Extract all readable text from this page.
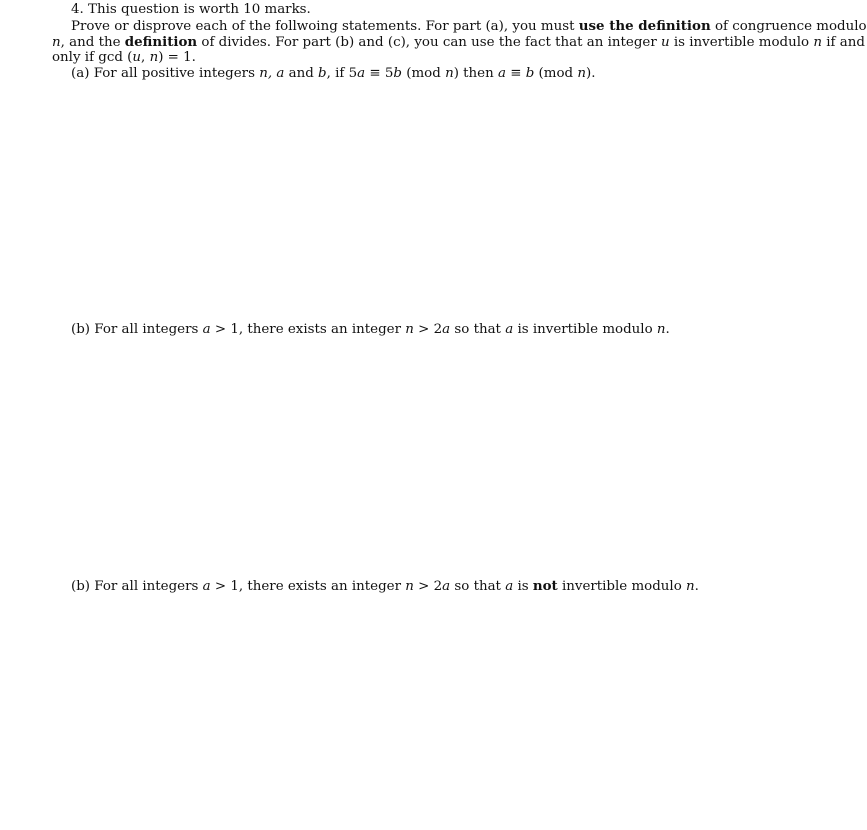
4. This question is worth 10 marks.
Prove or disprove each of the follwoing statements. For part (a), you must use the definition of congruence modulo
n, and the definition of divides. For part (b) and (c), you can use the fact that an integer u is invertible modulo n if and
only if gcd (u, n) = 1.
(a) For all positive integers n, a and b, if 5a ≡ 5b (mod n) then a ≡ b (mod n).
(b) For all integers a > 1, there exists an integer n > 2a so that a is invertible modulo n.
(b) For all integers a > 1, there exists an integer n > 2a so that a is not invertible modulo n.
